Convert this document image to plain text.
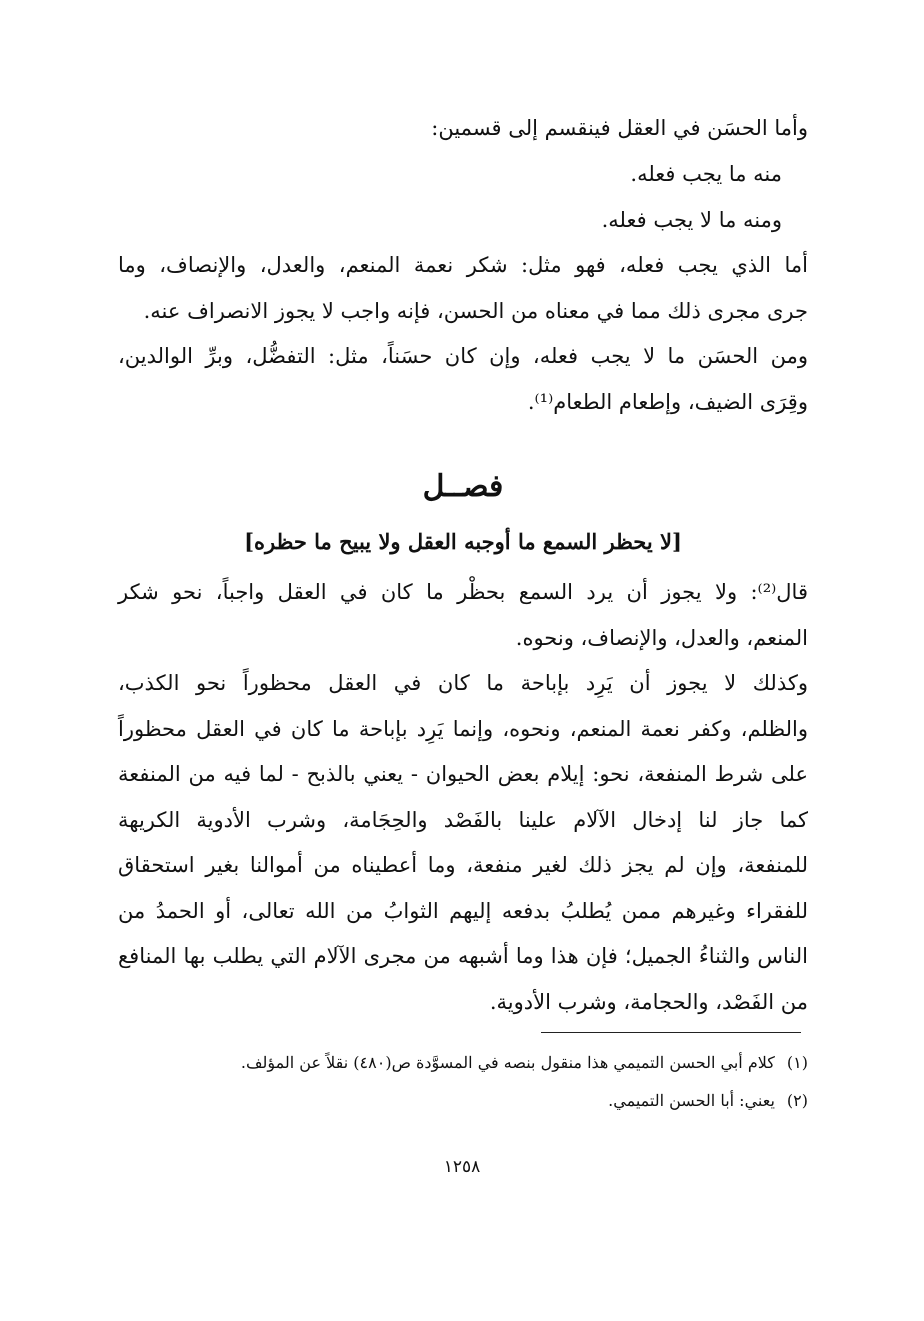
وأما الحسَن في العقل فينقسم إلى قسمين:
منه ما يجب فعله.
ومنه ما لا يجب فعله.
أما الذي يجب فعله، فهو مثل: شكر نعمة المنعم، والعدل، والإنصاف، وما
جرى مجرى ذلك مما في معناه من الحسن، فإنه واجب لا يجوز الانصراف عنه.
ومن الحسَن ما لا يجب فعله، وإن كان حسَناً، مثل: التفضُّل، وبرِّ الوالدين،
وقِرَى الضيف، وإطعام الطعام⁽¹⁾.
فصــل
[لا يحظر السمع ما أوجبه العقل ولا يبيح ما حظره]
قال⁽²⁾: ولا يجوز أن يرد السمع بحظْر ما كان في العقل واجباً، نحو شكر
المنعم، والعدل، والإنصاف، ونحوه.
وكذلك لا يجوز أن يَرِد بإباحة ما كان في العقل محظوراً نحو الكذب،
والظلم، وكفر نعمة المنعم، ونحوه، وإنما يَرِد بإباحة ما كان في العقل محظوراً
على شرط المنفعة، نحو: إيلام بعض الحيوان - يعني بالذبح - لما فيه من المنفعة
كما جاز لنا إدخال الآلام علينا بالفَصْد والحِجَامة، وشرب الأدوية الكريهة
للمنفعة، وإن لم يجز ذلك لغير منفعة، وما أعطيناه من أموالنا بغير استحقاق
للفقراء وغيرهم ممن يُطلبُ بدفعه إليهم الثوابُ من الله تعالى، أو الحمدُ من
الناس والثناءُ الجميل؛ فإن هذا وما أشبهه من مجرى الآلام التي يطلب بها المنافع
من الفَصْد، والحجامة، وشرب الأدوية.
(١)كلام أبي الحسن التميمي هذا منقول بنصه في المسوَّدة ص(٤٨٠) نقلاً عن المؤلف.
(٢)يعني: أبا الحسن التميمي.
١٢٥٨
